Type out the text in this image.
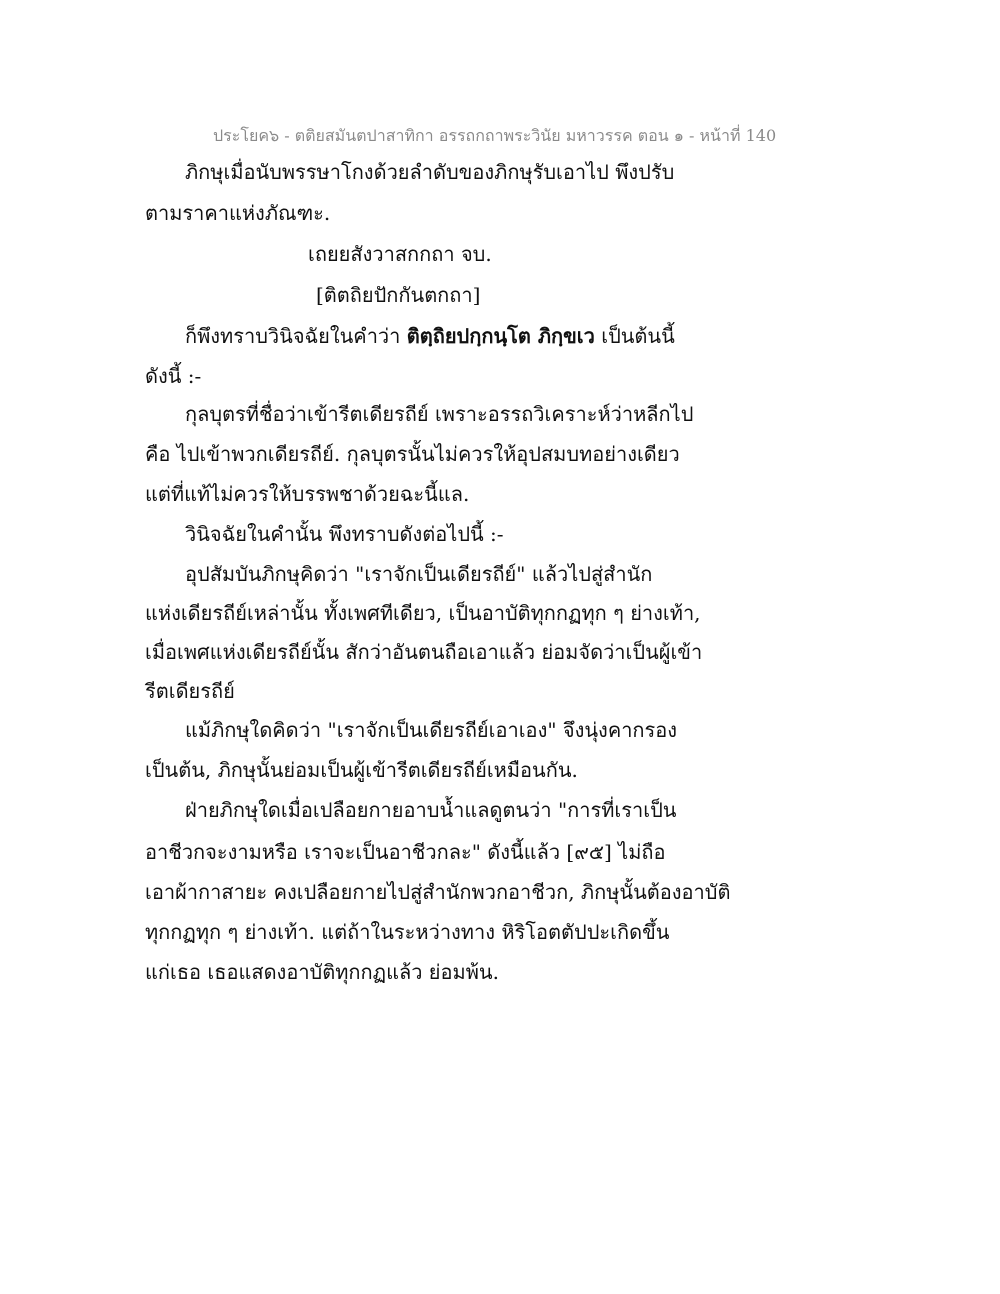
ประโยค๖ - ตติยสมันตปาสาทิกา อรรถกถาพระวินัย มหาวรรค ตอน ๑ - หน้าที่ 140
ภิกษุเมื่อนับพรรษาโกงด้วยลำดับของภิกษุรับเอาไป พึงปรับ
ตามราคาแห่งภัณฑะ.
เถยยสังวาสกกถา จบ.
[ติตถิยปักกันตกถา]
ก็พึงทราบวินิจฉัยในคำว่า ติตฺถิยปกฺกนฺโต ภิกฺขเว เป็นต้นนี้
ดังนี้ :-
กุลบุตรที่ชื่อว่าเข้ารีตเดียรถีย์ เพราะอรรถวิเคราะห์ว่าหลีกไป
คือ ไปเข้าพวกเดียรถีย์. กุลบุตรนั้นไม่ควรให้อุปสมบทอย่างเดียว
แต่ที่แท้ไม่ควรให้บรรพชาด้วยฉะนี้แล.
วินิจฉัยในคำนั้น พึงทราบดังต่อไปนี้ :-
อุปสัมบันภิกษุคิดว่า "เราจักเป็นเดียรถีย์" แล้วไปสู่สำนัก
แห่งเดียรถีย์เหล่านั้น ทั้งเพศทีเดียว, เป็นอาบัติทุกกฏทุก ๆ ย่างเท้า,
เมื่อเพศแห่งเดียรถีย์นั้น สักว่าอันตนถือเอาแล้ว ย่อมจัดว่าเป็นผู้เข้า
รีตเดียรถีย์
แม้ภิกษุใดคิดว่า "เราจักเป็นเดียรถีย์เอาเอง" จึงนุ่งคากรอง
เป็นต้น, ภิกษุนั้นย่อมเป็นผู้เข้ารีตเดียรถีย์เหมือนกัน.
ฝ่ายภิกษุใดเมื่อเปลือยกายอาบน้ำแลดูตนว่า "การที่เราเป็น
อาชีวกจะงามหรือ เราจะเป็นอาชีวกละ" ดังนี้แล้ว [๙๕] ไม่ถือ
เอาผ้ากาสายะ คงเปลือยกายไปสู่สำนักพวกอาชีวก, ภิกษุนั้นต้องอาบัติ
ทุกกฏทุก ๆ ย่างเท้า. แต่ถ้าในระหว่างทาง หิริโอตตัปปะเกิดขึ้น
แก่เธอ เธอแสดงอาบัติทุกกฏแล้ว ย่อมพ้น.
